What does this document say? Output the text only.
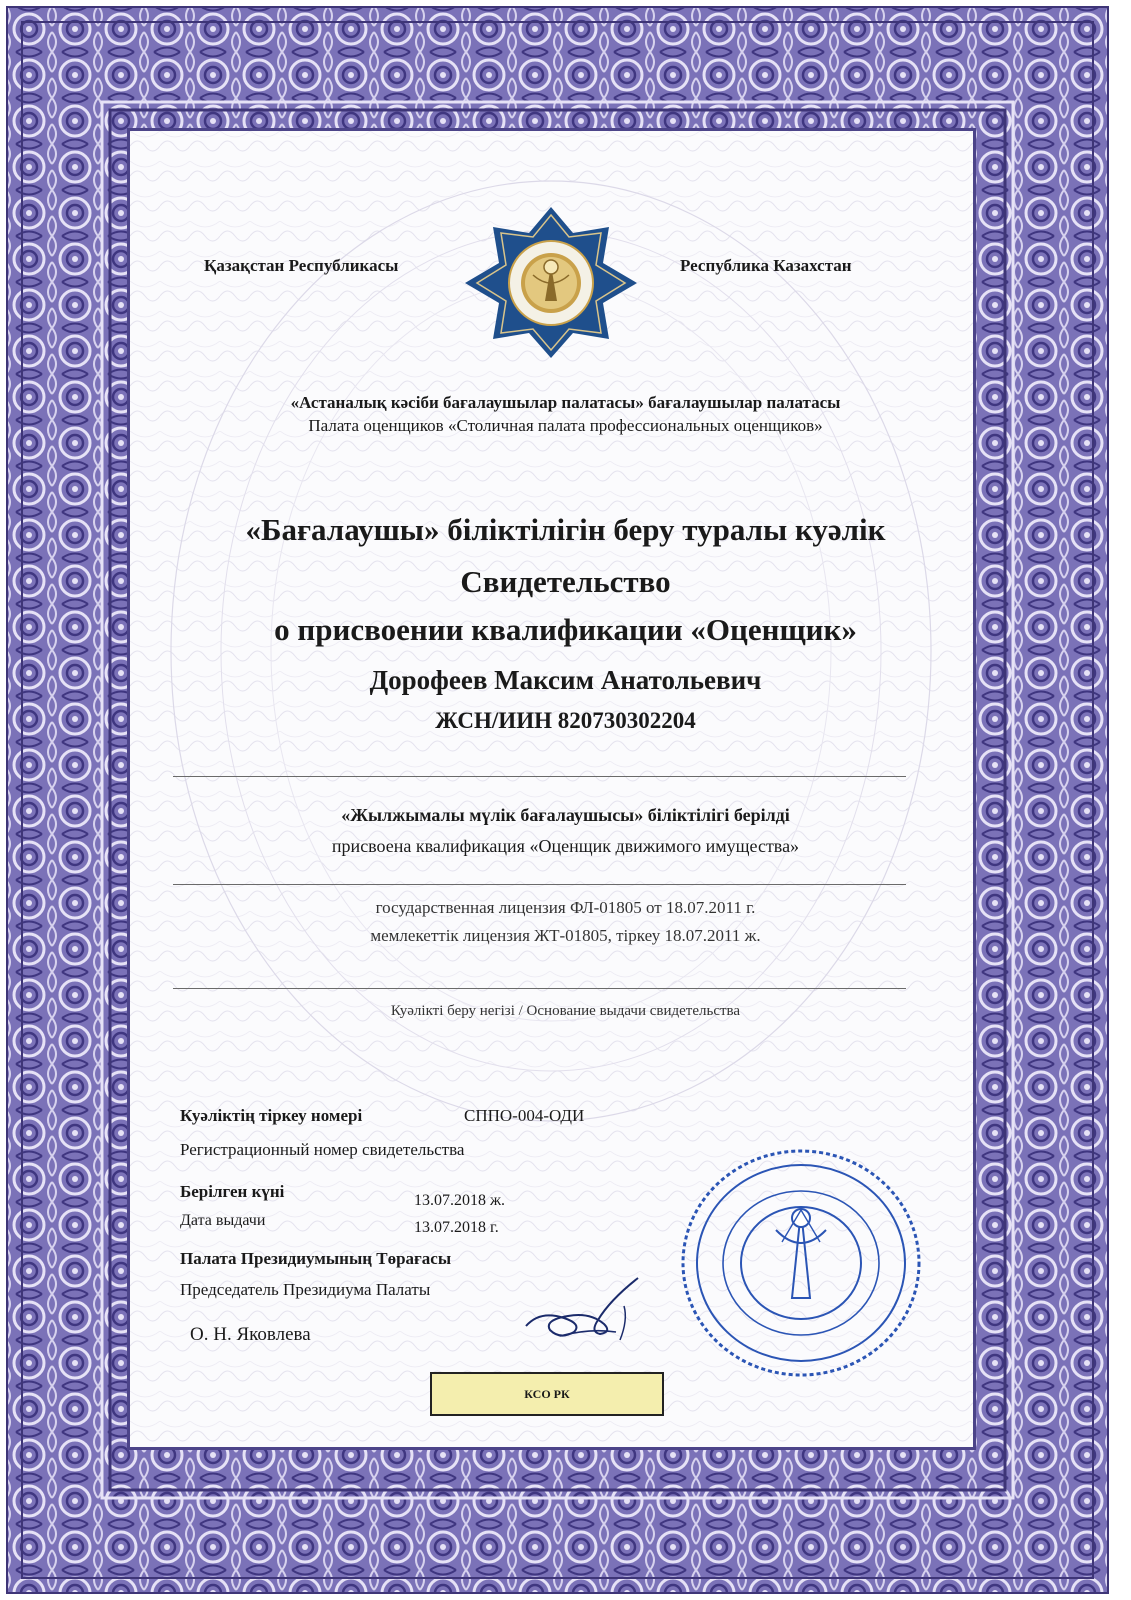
Қазақстан Республикасы	Республика Казахстан
«Астаналық кәсіби бағалаушылар палатасы» бағалаушылар палатасы
Палата оценщиков «Столичная палата профессиональных оценщиков»
«Бағалаушы» біліктілігін беру туралы куәлік
Свидетельство
о присвоении квалификации «Оценщик»
Дорофеев Максим Анатольевич
ЖСН/ИИН 820730302204
«Жылжымалы мүлік бағалаушысы» біліктілігі берілді
присвоена квалификация «Оценщик движимого имущества»
государственная лицензия ФЛ-01805 от 18.07.2011 г.
мемлекеттік лицензия ЖТ-01805, тіркеу 18.07.2011 ж.
Куәлікті беру негізі / Основание выдачи свидетельства
Куәліктің тіркеу номері	СППО-004-ОДИ
Регистрационный номер свидетельства
Берілген күні
Дата выдачи
13.07.2018 ж.
13.07.2018 г.
Палата Президиумының Төрағасы
Председатель Президиума Палаты
О. Н. Яковлева
КСО РК
